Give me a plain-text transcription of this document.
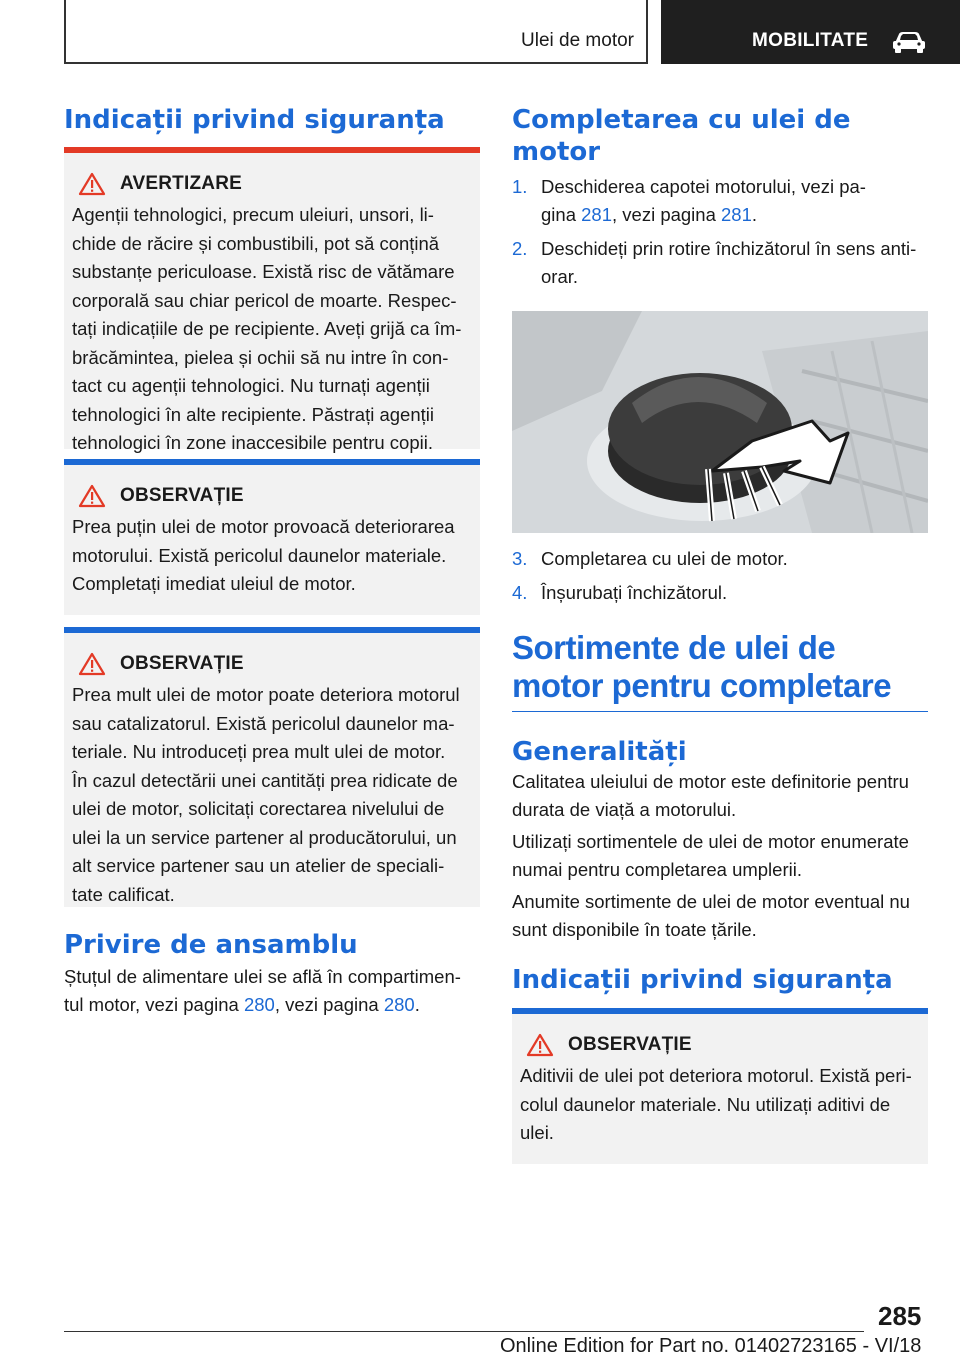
Ulei de motor	MOBILITATE
Indicații privind siguranța
AVERTIZARE

Agenții tehnologici, precum uleiuri, unsori, li-
chide de răcire și combustibili, pot să conțină
substanțe periculoase. Există risc de vătămare
corporală sau chiar pericol de moarte. Respec-
tați indicațiile de pe recipiente. Aveți grijă ca îm-
brăcămintea, pielea și ochii să nu intre în con-
tact cu agenții tehnologici. Nu turnați agenții
tehnologici în alte recipiente. Păstrați agenții
tehnologici în zone inaccesibile pentru copii.

OBSERVAȚIE

Prea puțin ulei de motor provoacă deteriorarea
motorului. Există pericolul daunelor materiale.
Completați imediat uleiul de motor.

OBSERVAȚIE

Prea mult ulei de motor poate deteriora motorul
sau catalizatorul. Există pericolul daunelor ma-
teriale. Nu introduceți prea mult ulei de motor.
În cazul detectării unei cantități prea ridicate de
ulei de motor, solicitați corectarea nivelului de
ulei la un service partener al producătorului, un
alt service partener sau un atelier de speciali-
tate calificat.

Privire de ansamblu

Ștuțul de alimentare ulei se află în compartimen-
tul motor, vezi pagina 280, vezi pagina 280.

Completarea cu ulei de motor
1. Deschiderea capotei motorului, vezi pa-
gina 281, vezi pagina 281.
2. Deschideți prin rotire închizătorul în sens anti-
orar.
3. Completarea cu ulei de motor.
4. Înșurubați închizătorul.
Sortimente de ulei de
motor pentru completare
Generalități

Calitatea uleiului de motor este definitorie pentru
durata de viață a motorului.

Utilizați sortimentele de ulei de motor enumerate
numai pentru completarea umplerii.

Anumite sortimente de ulei de motor eventual nu
sunt disponibile în toate țările.

Indicații privind siguranța
OBSERVAȚIE

Aditivii de ulei pot deteriora motorul. Există peri-
colul daunelor materiale. Nu utilizați aditivi de
ulei.

285
Online Edition for Part no. 01402723165 - VI/18
